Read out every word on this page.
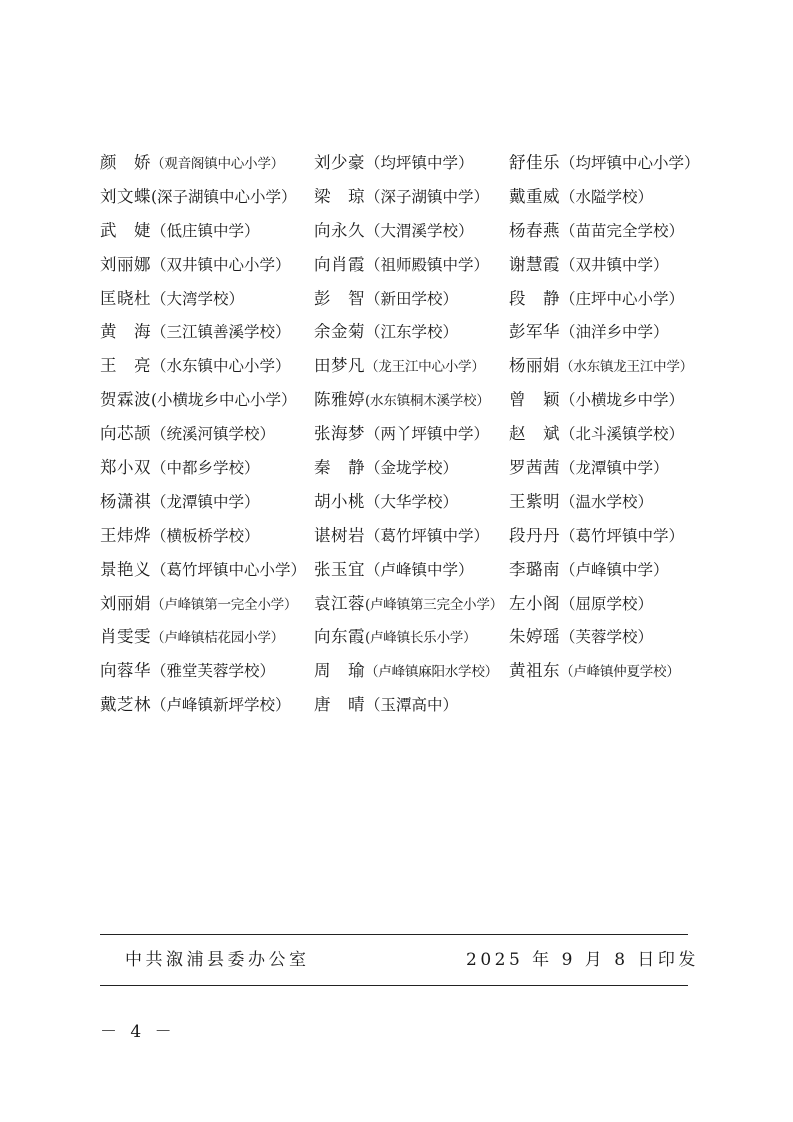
颜　娇（观音阁镇中心小学）	刘少豪（均坪镇中学）	舒佳乐（均坪镇中心小学）
刘文蝶(深子湖镇中心小学）	梁　琼（深子湖镇中学）	戴重威（水隘学校）
武　婕（低庄镇中学）	向永久（大渭溪学校）	杨春燕（苗苗完全学校）
刘丽娜（双井镇中心小学）	向肖霞（祖师殿镇中学）	谢慧霞（双井镇中学）
匡晓杜（大湾学校）	彭　智（新田学校）	段　静（庄坪中心小学）
黄　海（三江镇善溪学校）	余金菊（江东学校）	彭军华（油洋乡中学）
王　亮（水东镇中心小学）	田梦凡（龙王江中心小学）	杨丽娟（水东镇龙王江中学）
贺霖波(小横垅乡中心小学）	陈雅婷(水东镇桐木溪学校）	曾　颖（小横垅乡中学）
向芯颉（统溪河镇学校）	张海梦（两丫坪镇中学）	赵　斌（北斗溪镇学校）
郑小双（中都乡学校）	秦　静（金垅学校）	罗茜茜（龙潭镇中学）
杨潇祺（龙潭镇中学）	胡小桃（大华学校）	王紫明（温水学校）
王炜烨（横板桥学校）	谌树岩（葛竹坪镇中学）	段丹丹（葛竹坪镇中学）
景艳义（葛竹坪镇中心小学） 张玉宜（卢峰镇中学）	李璐南（卢峰镇中学）
刘丽娟（卢峰镇第一完全小学）	袁江蓉(卢峰镇第三完全小学） 左小阁（屈原学校）
肖雯雯（卢峰镇桔花园小学）	向东霞(卢峰镇长乐小学）	朱婷瑶（芙蓉学校）
向蓉华（雅堂芙蓉学校）	周　瑜（卢峰镇麻阳水学校） 黄祖东（卢峰镇仲夏学校）
戴芝林（卢峰镇新坪学校）	唐　晴（玉潭高中）
中共溆浦县委办公室	2025 年 9 月 8 日印发
－ 4 －
